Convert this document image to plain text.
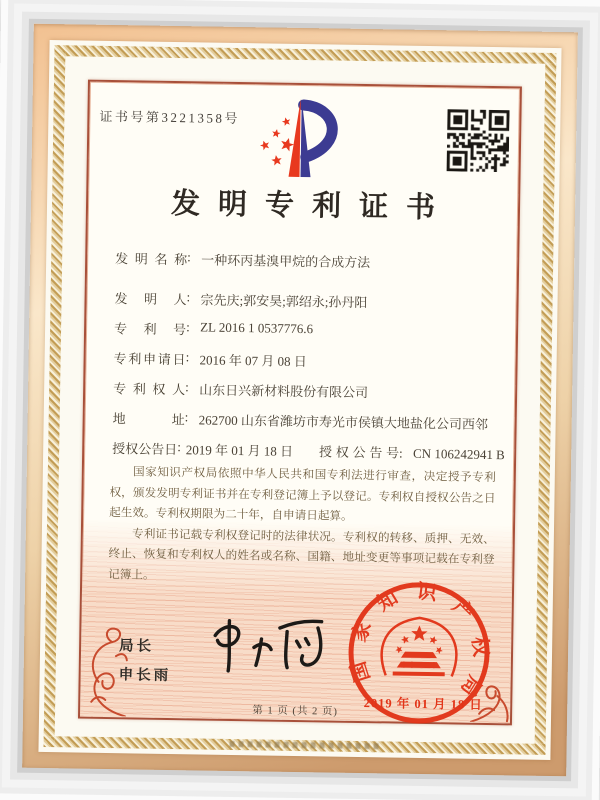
证书号第3221358号
发明专利证书
发明名称 : 一种环丙基溴甲烷的合成方法
发明人 : 宗先庆;郭安昊;郭绍永;孙丹阳
专利号 : ZL 2016 1 0537776.6
专利申请日 : 2016 年 07 月 08 日
专利权人 : 山东日兴新材料股份有限公司
地址 : 262700 山东省潍坊市寿光市侯镇大地盐化公司西邻
授权公告日 : 2019 年 01 月 18 日 授权公告号: CN 106242941 B

国家知识产权局依照中华人民共和国专利法进行审查，决定授予专利权，颁发发明专利证书并在专利登记簿上予以登记。专利权自授权公告之日起生效。专利权期限为二十年，自申请日起算。

专利证书记载专利权登记时的法律状况。专利权的转移、质押、无效、终止、恢复和专利权人的姓名或名称、国籍、地址变更等事项记载在专利登记簿上。

局长
申长雨	国家知识产权局
2019 年 01 月 18 日
第 1 页 (共 2 页)
